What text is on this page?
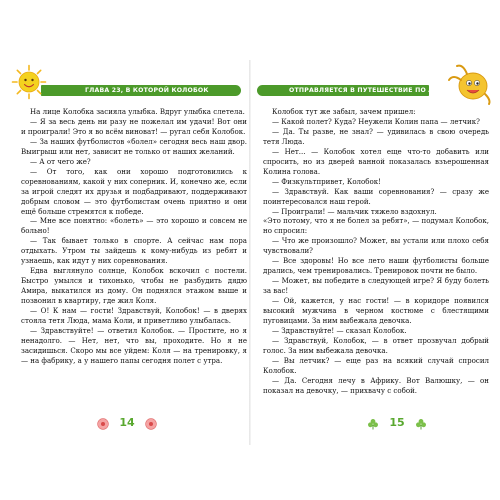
ГЛАВА 23, В КОТОРОЙ КОЛОБОК

На лице Колобка засияла улыбка. Вдруг улыбка слетела.

— Я за весь день ни разу не пожелал им удачи! Вот они и проиграли! Это я во всём виноват! — ругал себя Колобок.

— За наших футболистов «болел» сегодня весь наш двор. Выигрыш или нет, зависит не только от наших желаний.

— А от чего же?

— От того, как они хорошо подготовились к соревнованиям, какой у них соперник. И, конечно же, если за игрой следят их друзья и подбадривают, поддерживают добрым словом — это футболистам очень приятно и они ещё больше стремятся к победе.

— Мне все понятно: «болеть» — это хорошо и совсем не больно!

— Так бывает только в спорте. А сейчас нам пора отдыхать. Утром ты зайдешь к кому-нибудь из ребят и узнаешь, как идут у них соревнования.

Едва выглянуло солнце, Колобок вскочил с постели. Быстро умылся и тихонько, чтобы не разбудить дядю Амира, выкатился из дому. Он поднялся этажом выше и позвонил в квартиру, где жил Коля.

— О! К нам — гости! Здравствуй, Колобок! — в дверях стояла тетя Люда, мама Коли, и приветливо улыбалась.

— Здравствуйте! — ответил Колобок. — Простите, но я ненадолго. — Нет, нет, что вы, проходите. Но я не засидишься. Скоро мы все уйдем: Коля — на тренировку, я — на фабрику, а у нашего папы сегодня полет с утра.

14
ОТПРАВЛЯЕТСЯ В ПУТЕШЕСТВИЕ ПО АФРИКЕ

Колобок тут же забыл, зачем пришел:

— Какой полет? Куда? Неужели Колин папа — летчик?

— Да. Ты разве, не знал? — удивилась в свою очередь тетя Люда.

— Нет... — Колобок хотел еще что-то добавить или спросить, но из дверей ванной показалась взъерошенная Колина голова.

— Физкультпривет, Колобок!

— Здравствуй. Как ваши соревнования? — сразу же поинтересовался наш герой.

— Проиграли! — мальчик тяжело вздохнул.

«Это потому, что я не болел за ребят», — подумал Колобок, но спросил:

— Что же произошло? Может, вы устали или плохо себя чувствовали?

— Все здоровы! Но все лето наши футболисты больше дрались, чем тренировались. Тренировок почти не было.

— Может, вы победите в следующей игре? Я буду болеть за вас!

— Ой, кажется, у нас гости! — в коридоре появился высокий мужчина в черном костюме с блестящими пуговицами. За ним выбежала девочка.

— Здравствуйте! — сказал Колобок.

— Здравствуй, Колобок, — в ответ прозвучал добрый голос. За ним выбежала девочка.

— Вы летчик? — еще раз на всякий случай спросил Колобок.

— Да. Сегодня лечу в Африку. Вот Валюшку, — он показал на девочку, — прихвачу с собой.

15
